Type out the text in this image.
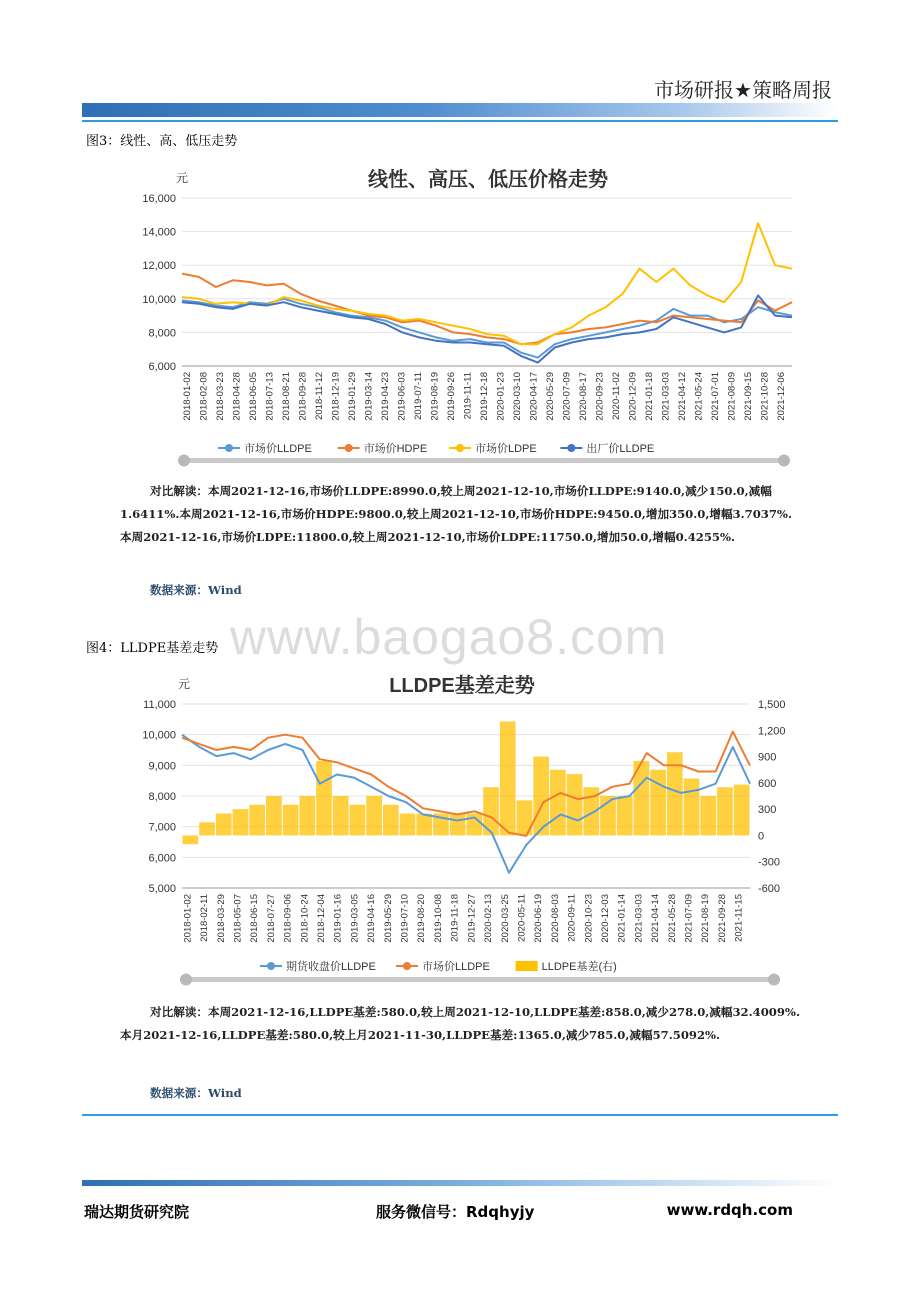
市场研报★策略周报
图3：线性、高、低压走势
线性、高压、低压价格走势
元
16,000
14,000
12,000
10,000
8,000
6,000
2018-01-02 2018-02-08 2018-03-23 2018-04-28 2018-06-05 2018-07-13 2018-08-21 2018-09-28 2018-11-12 2018-12-19 2019-01-29 2019-03-14 2019-04-23 2019-06-03 2019-07-11 2019-08-19 2019-09-26 2019-11-11 2019-12-18 2020-01-23 2020-03-10 2020-04-17 2020-05-29 2020-07-09 2020-08-17 2020-09-23 2020-11-02 2020-12-09 2021-01-18 2021-03-03 2021-04-12 2021-05-24 2021-07-01 2021-08-09 2021-09-15 2021-10-28 2021-12-06
市场价LLDPE	市场价HDPE	市场价LDPE	出厂价LLDPE
对比解读：本周2021-12-16,市场价LLDPE:8990.0,较上周2021-12-10,市场价LLDPE:9140.0,减少150.0,减幅1.6411%.本周2021-12-16,市场价HDPE:9800.0,较上周2021-12-10,市场价HDPE:9450.0,增加350.0,增幅3.7037%.本周2021-12-16,市场价LDPE:11800.0,较上周2021-12-10,市场价LDPE:11750.0,增加50.0,增幅0.4255%.
数据来源：Wind
www.baogao8.com
图4：LLDPE基差走势
LLDPE基差走势
元
11,000
10,000
9,000
8,000
7,000
6,000
5,000
1,500
1,200
900
600
300
0
-300
-600
2018-01-02 2018-02-11 2018-03-29 2018-05-07 2018-06-15 2018-07-27 2018-09-06 2018-10-24 2018-12-04 2019-01-16 2019-03-05 2019-04-16 2019-05-29 2019-07-10 2019-08-20 2019-10-08 2019-11-18 2019-12-27 2020-02-13 2020-03-25 2020-05-11 2020-06-19 2020-08-03 2020-09-11 2020-10-23 2020-12-03 2021-01-14 2021-03-03 2021-04-14 2021-05-28 2021-07-09 2021-08-19 2021-09-28 2021-11-15
期货收盘价LLDPE	市场价LLDPE	LLDPE基差(右)
对比解读：本周2021-12-16,LLDPE基差:580.0,较上周2021-12-10,LLDPE基差:858.0,减少278.0,减幅32.4009%.本月2021-12-16,LLDPE基差:580.0,较上月2021-11-30,LLDPE基差:1365.0,减少785.0,减幅57.5092%.
数据来源：Wind
瑞达期货研究院	服务微信号：Rdqhyjy	www.rdqh.com
